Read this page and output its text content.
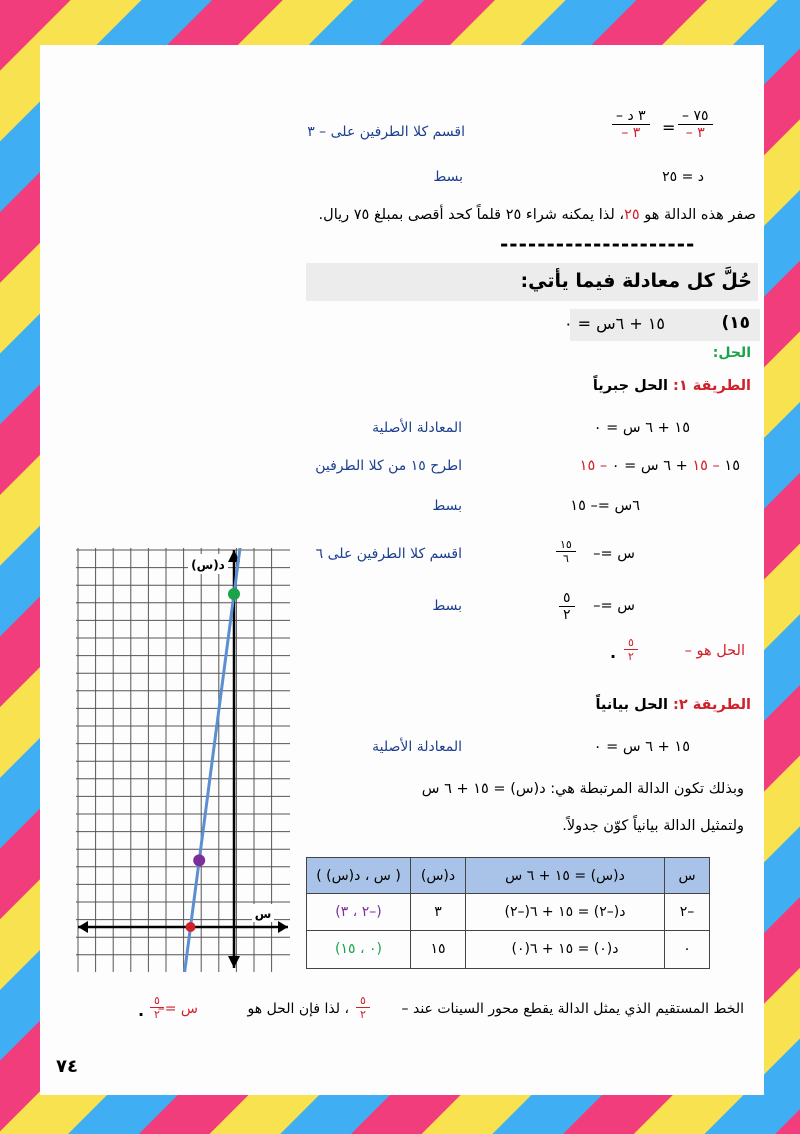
– ٧٥
– ٣
=
– ٣ د
– ٣
اقسم كلا الطرفين على – ٣
د = ٢٥
بسط
صفر هذه الدالة هو ٢٥، لذا يمكنه شراء ٢٥ قلماً كحد أقصى بمبلغ ٧٥ ريال.
---------------------
حُلَّ كل معادلة فيما يأتي:
١٥)
١٥ + ٦س = ٠
الحل:
الطريقة ١: الحل جبرياً
١٥ + ٦ س = ٠
المعادلة الأصلية
١٥ – ١٥ + ٦ س = ٠ – ١٥
اطرح ١٥ من كلا الطرفين
٦س =– ١٥
بسط
س =–
١٥
٦
اقسم كلا الطرفين على ٦
س =–
٥
٢
بسط
الحل هو –
٥
٢
.
الطريقة ٢: الحل بيانياً
١٥ + ٦ س = ٠
المعادلة الأصلية
وبذلك تكون الدالة المرتبطة هي: د(س) = ١٥ + ٦ س
ولتمثيل الدالة بيانياً كوّن جدولاً.
س	د(س) = ١٥ + ٦ س	د(س)	( س ، د(س) )
–٢	د(–٢) = ١٥ + ٦(–٢)	٣	(–٢ ، ٣)
٠	د(٠) = ١٥ + ٦(٠)	١٥	(٠ ، ١٥)
د(س)
س
الخط المستقيم الذي يمثل الدالة يقطع محور السينات عند –
٥
٢
، لذا فإن الحل هو
س =–
٥
٢
.
٧٤
